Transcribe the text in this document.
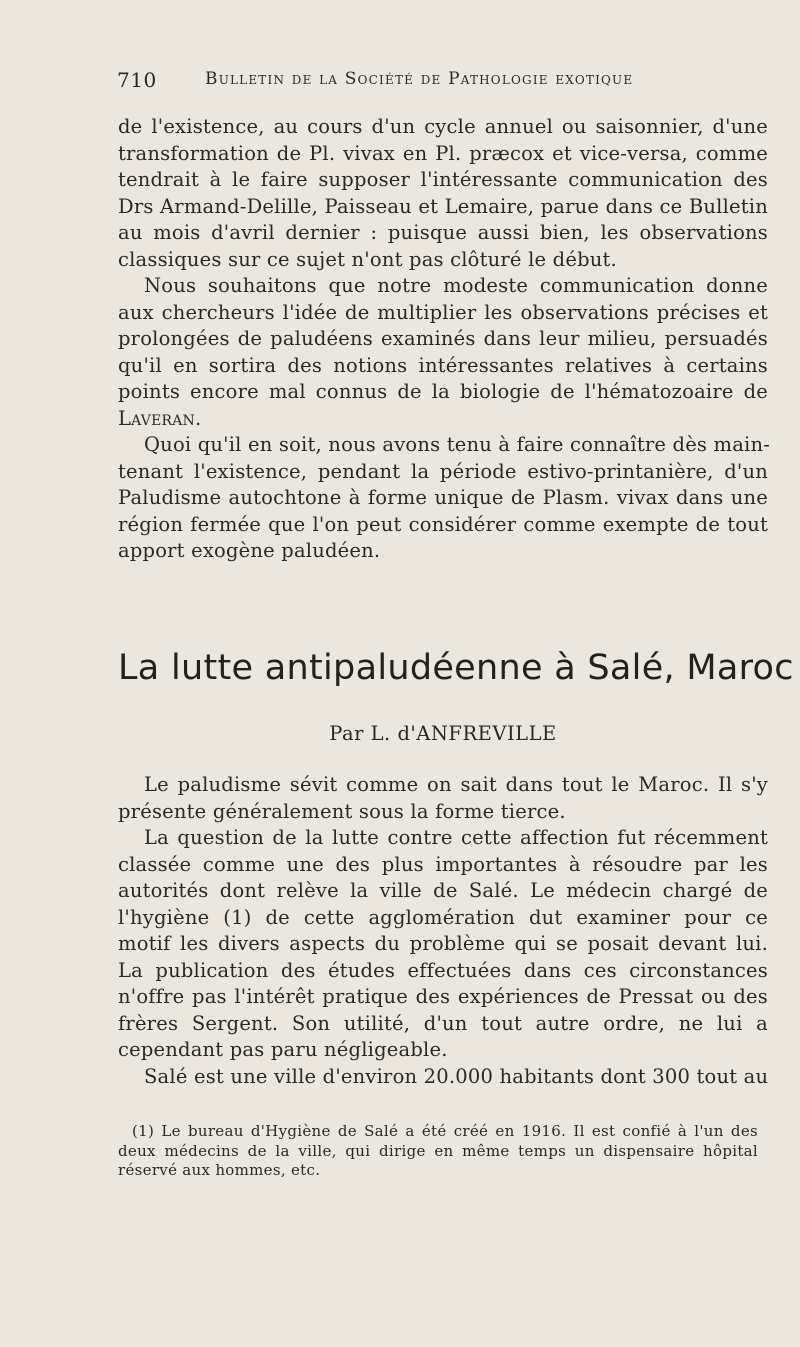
710	Bulletin de la Société de Pathologie exotique
de l'existence, au cours d'un cycle annuel ou saisonnier, d'une
transformation de Pl. vivax en Pl. præcox et vice-versa, comme
tendrait à le faire supposer l'intéressante communication des
Drs Armand-Delille, Paisseau et Lemaire, parue dans ce Bulletin
au mois d'avril dernier : puisque aussi bien, les observations
classiques sur ce sujet n'ont pas clôturé le début.
Nous souhaitons que notre modeste communication donne
aux chercheurs l'idée de multiplier les observations précises et
prolongées de paludéens examinés dans leur milieu, persuadés
qu'il en sortira des notions intéressantes relatives à certains
points encore mal connus de la biologie de l'hématozoaire de
Laveran.
Quoi qu'il en soit, nous avons tenu à faire connaître dès main-
tenant l'existence, pendant la période estivo-printanière, d'un
Paludisme autochtone à forme unique de Plasm. vivax dans une
région fermée que l'on peut considérer comme exempte de tout
apport exogène paludéen.
La lutte antipaludéenne à Salé, Maroc
Par L. d'ANFREVILLE
Le paludisme sévit comme on sait dans tout le Maroc. Il s'y
présente généralement sous la forme tierce.
La question de la lutte contre cette affection fut récemment
classée comme une des plus importantes à résoudre par les
autorités dont relève la ville de Salé. Le médecin chargé de
l'hygiène (1) de cette agglomération dut examiner pour ce
motif les divers aspects du problème qui se posait devant lui.
La publication des études effectuées dans ces circonstances
n'offre pas l'intérêt pratique des expériences de Pressat ou des
frères Sergent. Son utilité, d'un tout autre ordre, ne lui a
cependant pas paru négligeable.
Salé est une ville d'environ 20.000 habitants dont 300 tout au
(1) Le bureau d'Hygiène de Salé a été créé en 1916. Il est confié à l'un des
deux médecins de la ville, qui dirige en même temps un dispensaire hôpital
réservé aux hommes, etc.
